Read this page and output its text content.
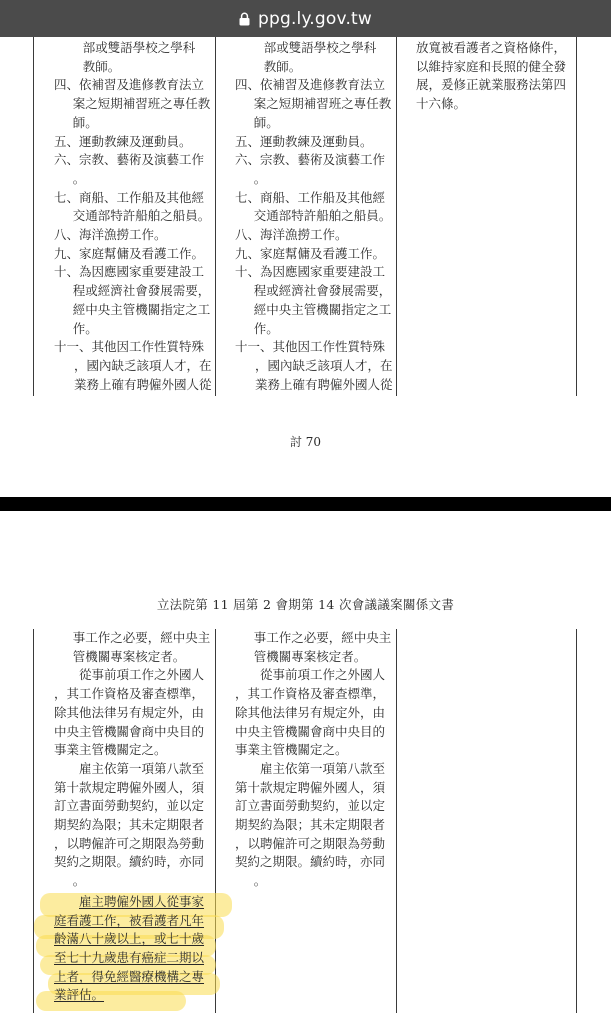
ppg.ly.gov.tw

部或雙語學校之學科

教師。

四、依補習及進修教育法立

案之短期補習班之專任教

師。

五、運動教練及運動員。

六、宗教、藝術及演藝工作

。

七、商船、工作船及其他經

交通部特許船舶之船員。

八、海洋漁撈工作。

九、家庭幫傭及看護工作。

十、為因應國家重要建設工

程或經濟社會發展需要，

經中央主管機關指定之工

作。

十一、其他因工作性質特殊

，國內缺乏該項人才，在

業務上確有聘僱外國人從

部或雙語學校之學科

教師。

四、依補習及進修教育法立

案之短期補習班之專任教

師。

五、運動教練及運動員。

六、宗教、藝術及演藝工作

。

七、商船、工作船及其他經

交通部特許船舶之船員。

八、海洋漁撈工作。

九、家庭幫傭及看護工作。

十、為因應國家重要建設工

程或經濟社會發展需要，

經中央主管機關指定之工

作。

十一、其他因工作性質特殊

，國內缺乏該項人才，在

業務上確有聘僱外國人從

放寬被看護者之資格條件，

以維持家庭和長照的健全發

展，爰修正就業服務法第四

十六條。

討 70
立法院第 11 屆第 2 會期第 14 次會議議案關係文書

事工作之必要，經中央主

管機關專案核定者。

從事前項工作之外國人

，其工作資格及審查標準，

除其他法律另有規定外，由

中央主管機關會商中央目的

事業主管機關定之。

雇主依第一項第八款至

第十款規定聘僱外國人，須

訂立書面勞動契約，並以定

期契約為限；其未定期限者

，以聘僱許可之期限為勞動

契約之期限。續約時，亦同

。

雇主聘僱外國人從事家

庭看護工作，被看護者凡年

齡滿八十歲以上，或七十歲

至七十九歲患有癌症二期以

上者，得免經醫療機構之專

業評估。

事工作之必要，經中央主

管機關專案核定者。

從事前項工作之外國人

，其工作資格及審查標準，

除其他法律另有規定外，由

中央主管機關會商中央目的

事業主管機關定之。

雇主依第一項第八款至

第十款規定聘僱外國人，須

訂立書面勞動契約，並以定

期契約為限；其未定期限者

，以聘僱許可之期限為勞動

契約之期限。續約時，亦同

。
